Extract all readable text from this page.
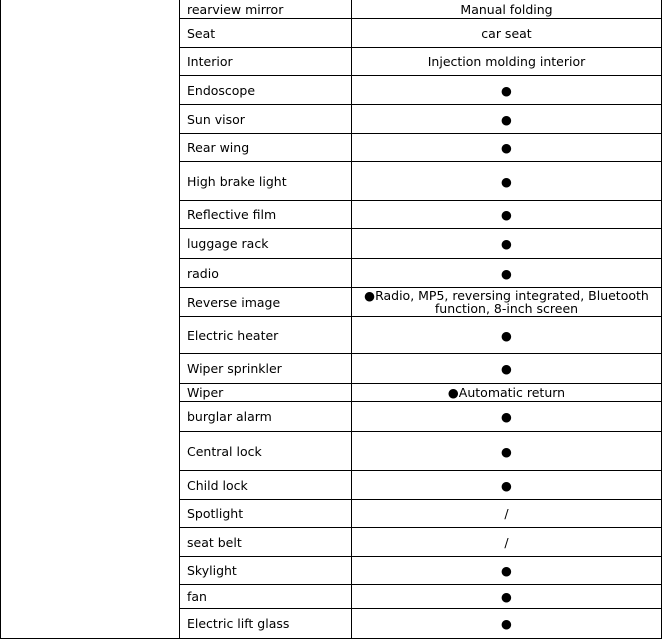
	rearview mirror	Manual folding
	Seat	car seat
	Interior	Injection molding interior
	Endoscope	●
	Sun visor	●
	Rear wing	●
	High brake light	●
	Reflective film	●
	luggage rack	●
	radio	●
	Reverse image	●Radio, MP5, reversing integrated, Bluetooth function, 8-inch screen
	Electric heater	●
	Wiper sprinkler	●
	Wiper	●Automatic return
	burglar alarm	●
	Central lock	●
	Child lock	●
	Spotlight	/
	seat belt	/
	Skylight	●
	fan	●
	Electric lift glass	●
